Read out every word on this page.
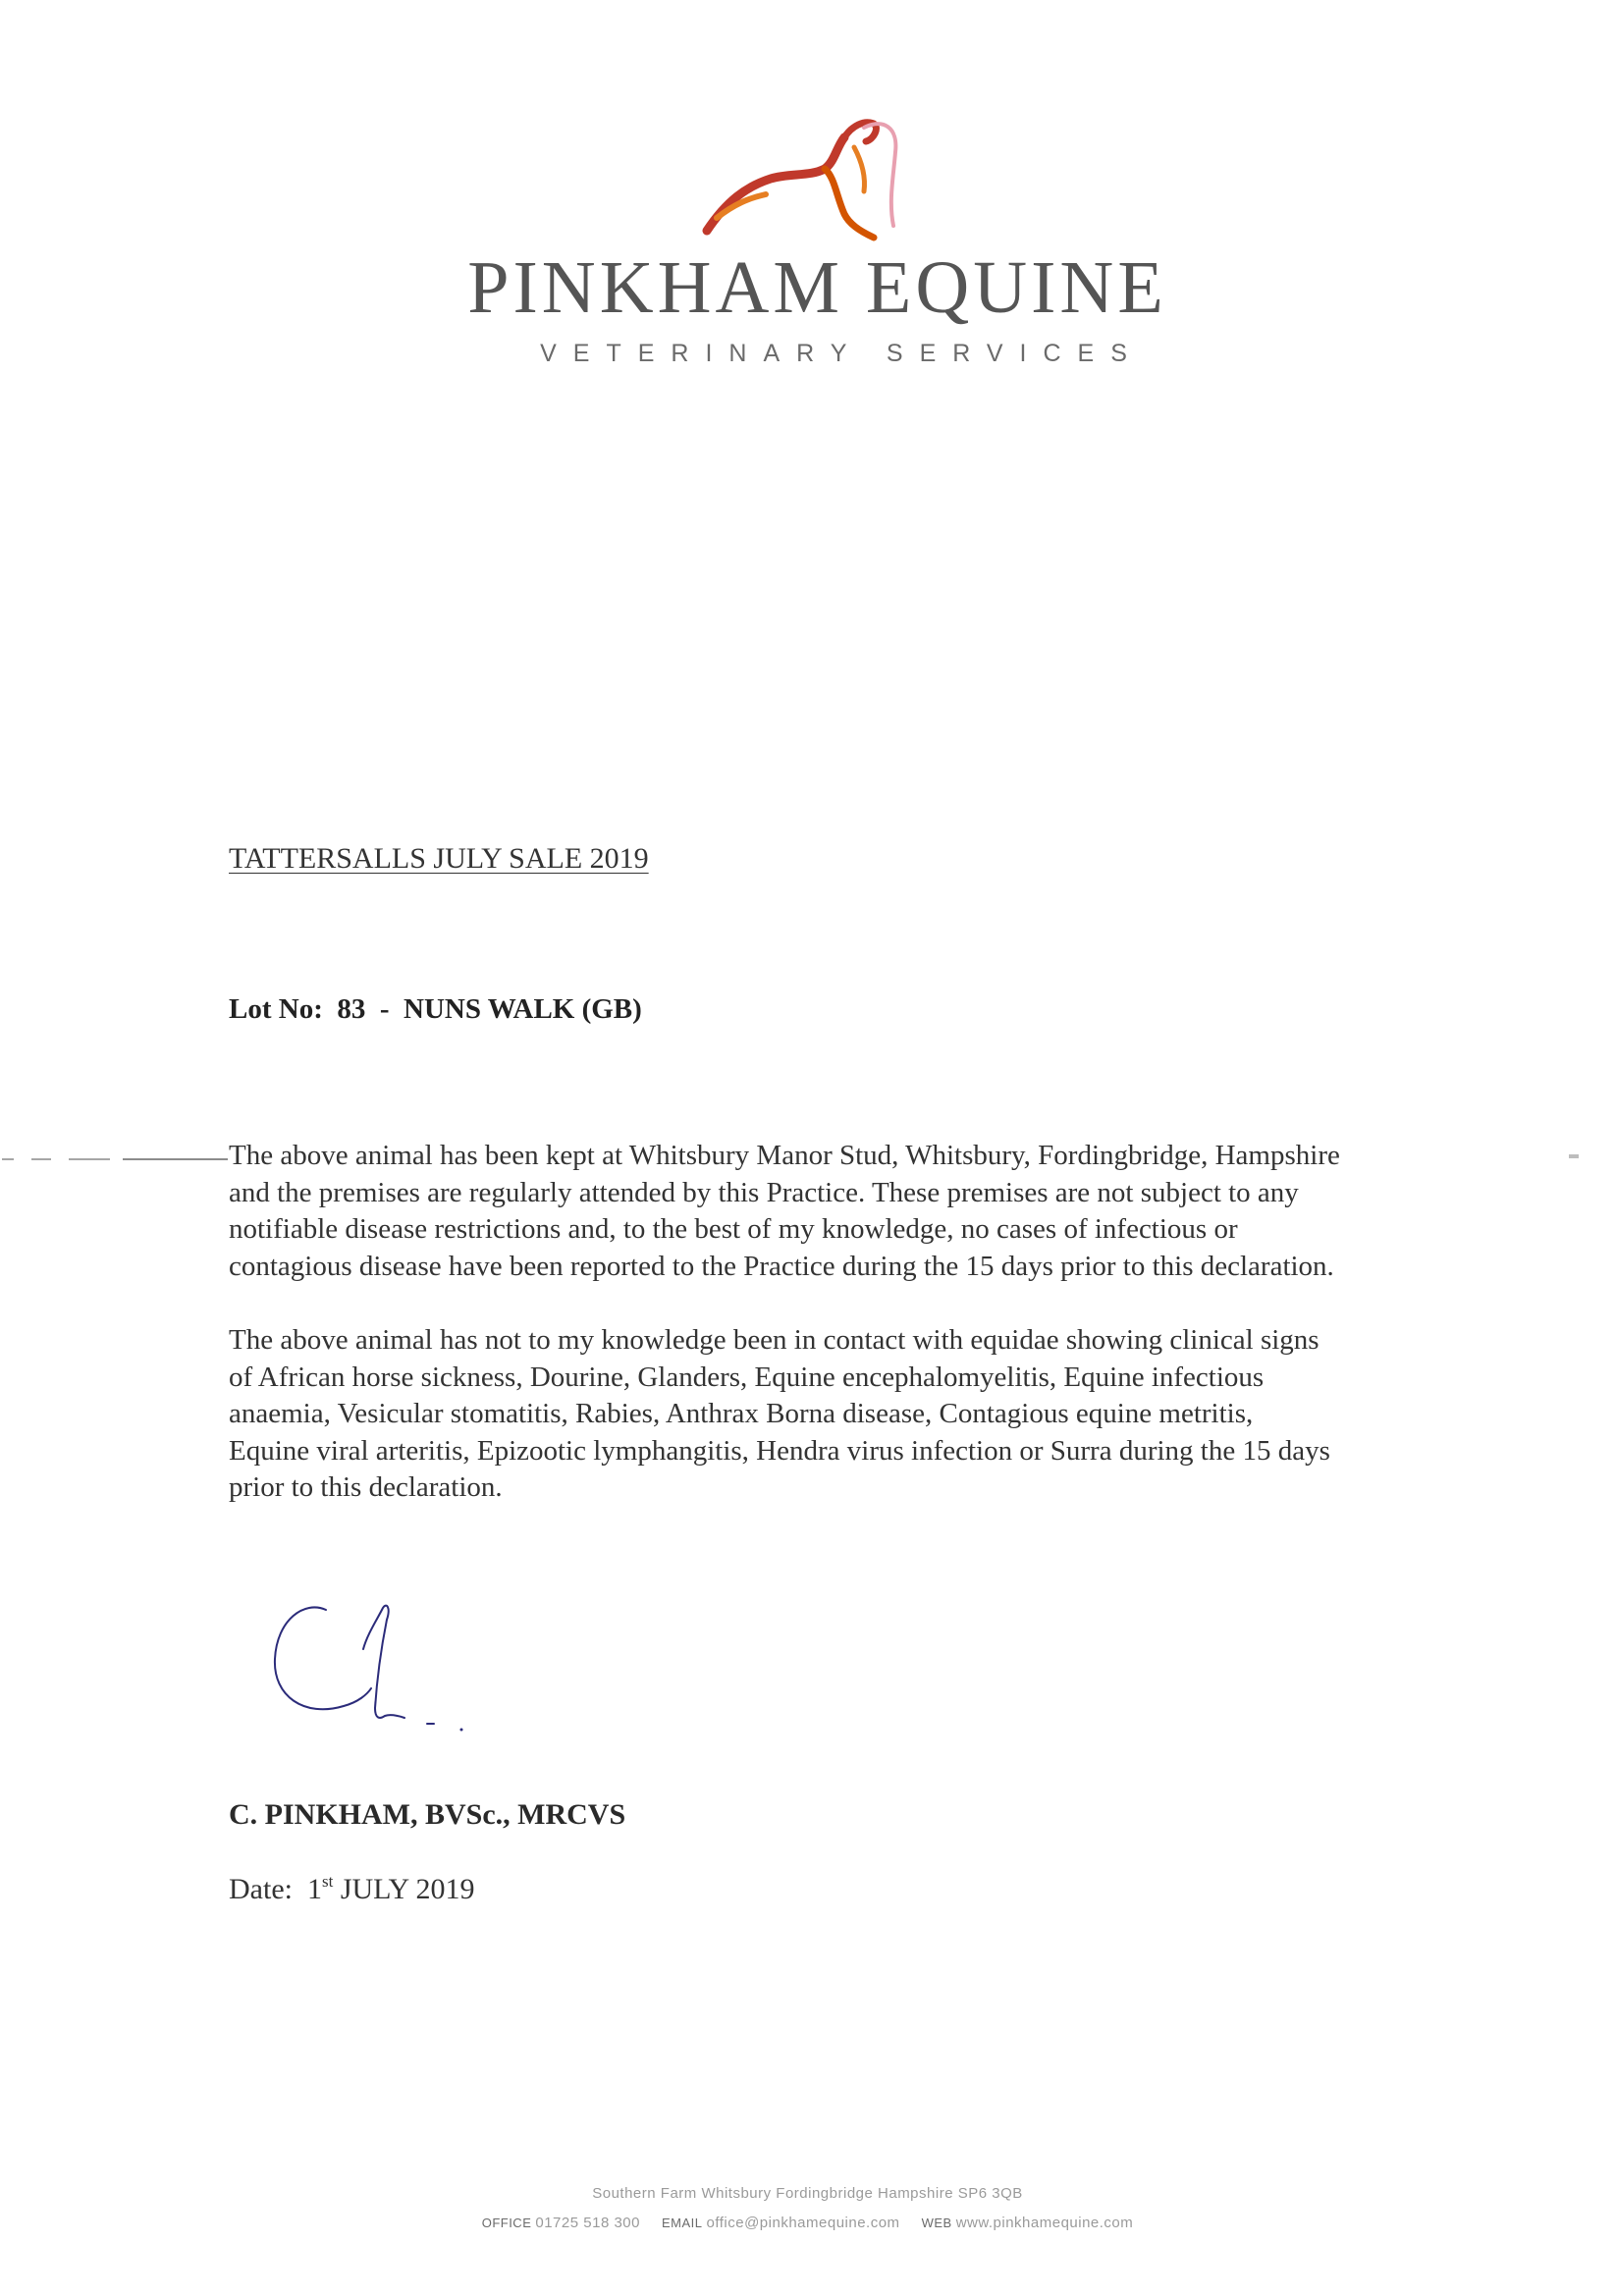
PINKHAM EQUINE
VETERINARY SERVICES
TATTERSALLS JULY SALE 2019
Lot No: 83 - NUNS WALK (GB)
The above animal has been kept at Whitsbury Manor Stud, Whitsbury, Fordingbridge, Hampshire
and the premises are regularly attended by this Practice. These premises are not subject to any
notifiable disease restrictions and, to the best of my knowledge, no cases of infectious or
contagious disease have been reported to the Practice during the 15 days prior to this declaration.
The above animal has not to my knowledge been in contact with equidae showing clinical signs
of African horse sickness, Dourine, Glanders, Equine encephalomyelitis, Equine infectious
anaemia, Vesicular stomatitis, Rabies, Anthrax Borna disease, Contagious equine metritis,
Equine viral arteritis, Epizootic lymphangitis, Hendra virus infection or Surra during the 15 days
prior to this declaration.
C. PINKHAM, BVSc., MRCVS
Date: 1st JULY 2019
Southern Farm Whitsbury Fordingbridge Hampshire SP6 3QB
OFFICE 01725 518 300 EMAIL office@pinkhamequine.com WEB www.pinkhamequine.com
